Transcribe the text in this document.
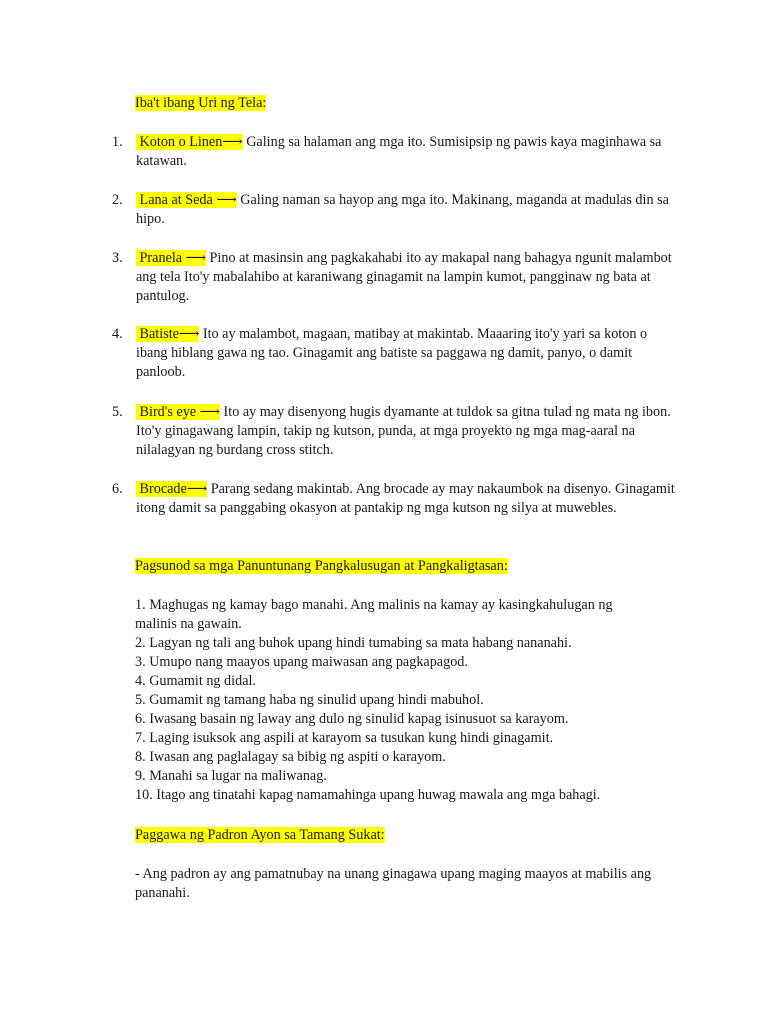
Iba't ibang Uri ng Tela:
1. Koton o Linen⟶ Galing sa halaman ang mga ito. Sumisipsip ng pawis kaya maginhawa sa katawan.
2. Lana at Seda ⟶ Galing naman sa hayop ang mga ito. Makinang, maganda at madulas din sa hipo.
3. Pranela ⟶ Pino at masinsin ang pagkakahabi ito ay makapal nang bahagya ngunit malambot ang tela Ito'y mabalahibo at karaniwang ginagamit na lampin kumot, pangginaw ng bata at pantulog.
4. Batiste⟶ Ito ay malambot, magaan, matibay at makintab. Maaaring ito'y yari sa koton o ibang hiblang gawa ng tao. Ginagamit ang batiste sa paggawa ng damit, panyo, o damit panloob.
5. Bird's eye ⟶ Ito ay may disenyong hugis dyamante at tuldok sa gitna tulad ng mata ng ibon. Ito'y ginagawang lampin, takip ng kutson, punda, at mga proyekto ng mga mag-aaral na nilalagyan ng burdang cross stitch.
6. Brocade⟶ Parang sedang makintab. Ang brocade ay may nakaumbok na disenyo. Ginagamit itong damit sa panggabing okasyon at pantakip ng mga kutson ng silya at muwebles.
Pagsunod sa mga Panuntunang Pangkalusugan at Pangkaligtasan:
1. Maghugas ng kamay bago manahi. Ang malinis na kamay ay kasingkahulugan ng
malinis na gawain.
2. Lagyan ng tali ang buhok upang hindi tumabing sa mata habang nananahi.
3. Umupo nang maayos upang maiwasan ang pagkapagod.
4. Gumamit ng didal.
5. Gumamit ng tamang haba ng sinulid upang hindi mabuhol.
6. Iwasang basain ng laway ang dulo ng sinulid kapag isinusuot sa karayom.
7. Laging isuksok ang aspili at karayom sa tusukan kung hindi ginagamit.
8. Iwasan ang paglalagay sa bibig ng aspiti o karayom.
9. Manahi sa lugar na maliwanag.
10. Itago ang tinatahi kapag namamahinga upang huwag mawala ang mga bahagi.
Paggawa ng Padron Ayon sa Tamang Sukat:
- Ang padron ay ang pamatnubay na unang ginagawa upang maging maayos at mabilis ang pananahi.
